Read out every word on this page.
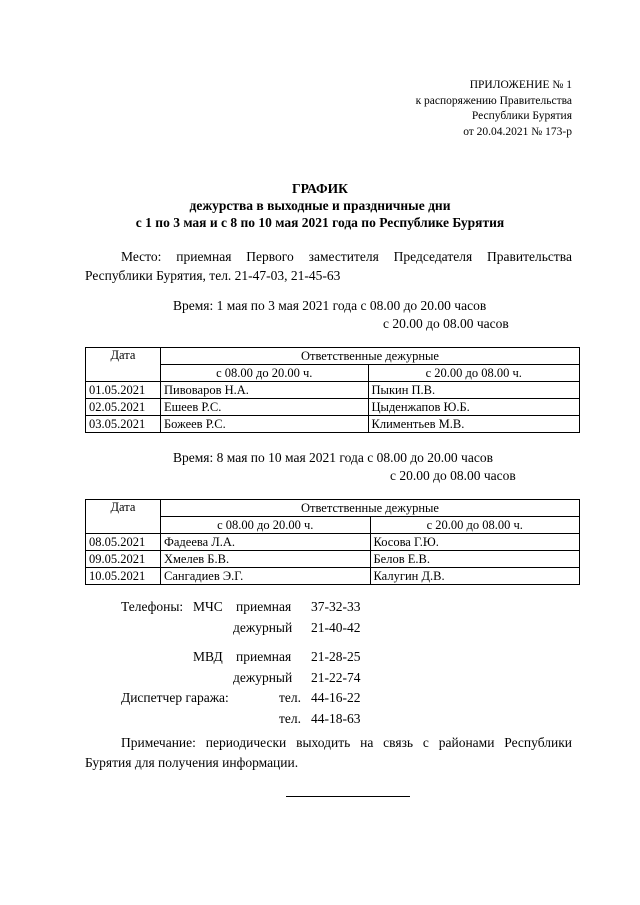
ПРИЛОЖЕНИЕ № 1
к распоряжению Правительства
Республики Бурятия
от 20.04.2021 № 173-р
ГРАФИК
дежурства в выходные и праздничные дни
с 1 по 3 мая и с 8 по 10 мая 2021 года по Республике Бурятия
Место: приемная Первого заместителя Председателя Правительства Республики Бурятия, тел. 21-47-03, 21-45-63
Время: 1 мая по 3 мая 2021 года с 08.00 до 20.00 часов
с 20.00 до 08.00 часов
Дата	Ответственные дежурные	
	с 08.00 до 20.00 ч.	с 20.00 до 08.00 ч.
01.05.2021	Пивоваров Н.А.	Пыкин П.В.
02.05.2021	Ешеев Р.С.	Цыденжапов Ю.Б.
03.05.2021	Божеев Р.С.	Климентьев М.В.
Время: 8 мая по 10 мая 2021 года с 08.00 до 20.00 часов
с 20.00 до 08.00 часов
Дата	Ответственные дежурные	
	с 08.00 до 20.00 ч.	с 20.00 до 08.00 ч.
08.05.2021	Фадеева Л.А.	Косова Г.Ю.
09.05.2021	Хмелев Б.В.	Белов Е.В.
10.05.2021	Сангадиев Э.Г.	Калугин Д.В.
Телефоны: МЧС приемная 37-32-33
дежурный 21-40-42
МВД приемная 21-28-25
дежурный 21-22-74
Диспетчер гаража:	тел. 44-16-22
тел. 44-18-63
Примечание: периодически выходить на связь с районами Республики Бурятия для получения информации.
